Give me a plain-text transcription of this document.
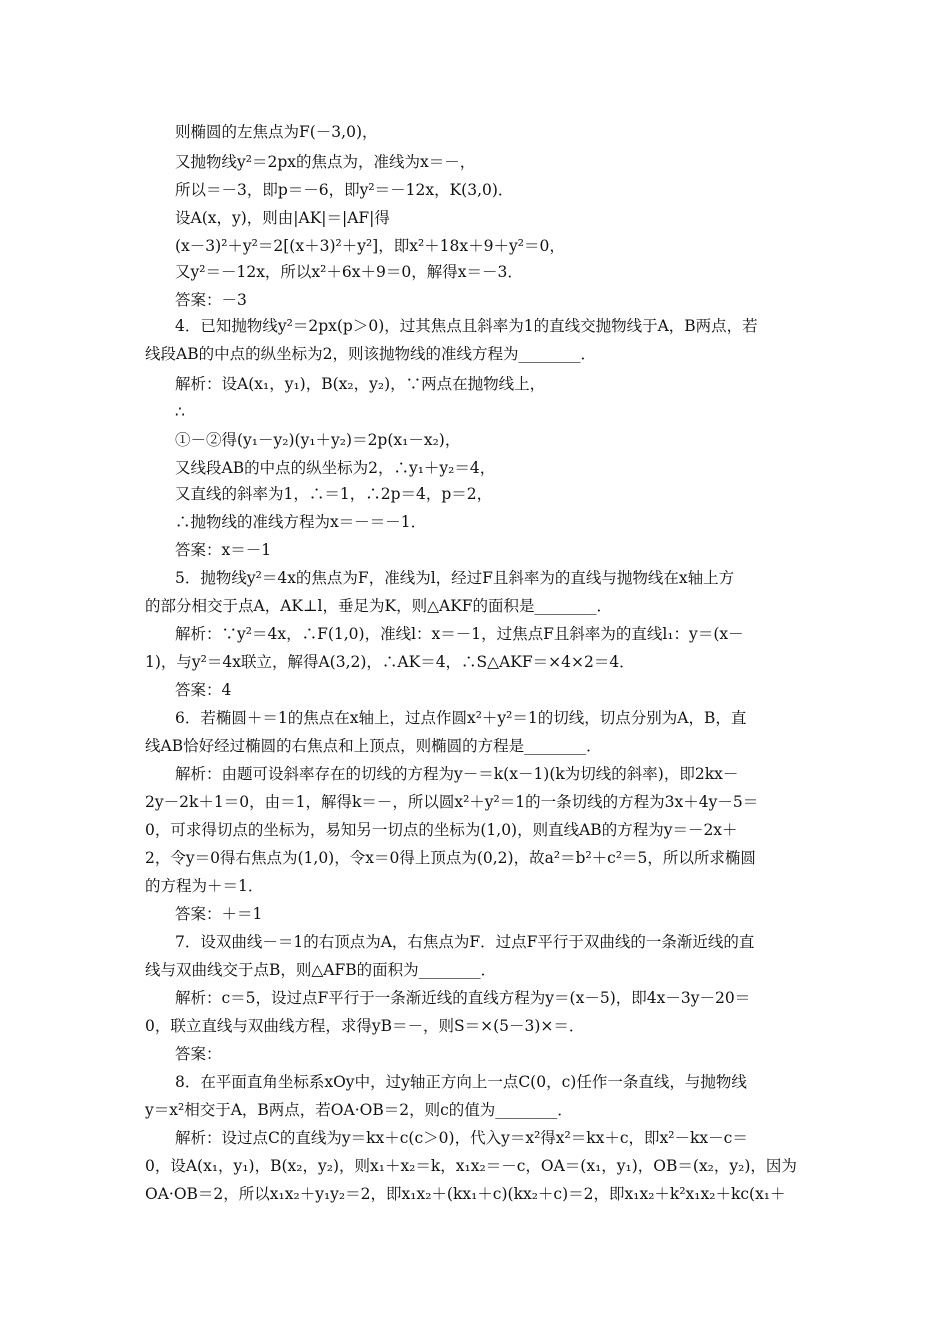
则椭圆的左焦点为F(－3,0)，
又抛物线y²＝2px的焦点为，准线为x＝－，
所以＝－3，即p＝－6，即y²＝－12x，K(3,0)．
设A(x，y)，则由|AK|＝|AF|得
(x－3)²＋y²＝2[(x＋3)²＋y²]，即x²＋18x＋9＋y²＝0，
又y²＝－12x，所以x²＋6x＋9＝0，解得x＝－3．
答案：－3
4．已知抛物线y²＝2px(p＞0)，过其焦点且斜率为1的直线交抛物线于A，B两点，若
线段AB的中点的纵坐标为2，则该抛物线的准线方程为________．
解析：设A(x₁，y₁)，B(x₂，y₂)，∵两点在抛物线上，
∴
①－②得(y₁－y₂)(y₁＋y₂)＝2p(x₁－x₂)，
又线段AB的中点的纵坐标为2，∴y₁＋y₂＝4，
又直线的斜率为1，∴＝1，∴2p＝4，p＝2，
∴抛物线的准线方程为x＝－＝－1．
答案：x＝－1
5．抛物线y²＝4x的焦点为F，准线为l，经过F且斜率为的直线与抛物线在x轴上方
的部分相交于点A，AK⊥l，垂足为K，则△AKF的面积是________．
解析：∵y²＝4x，∴F(1,0)，准线l：x＝－1，过焦点F且斜率为的直线l₁：y＝(x－
1)，与y²＝4x联立，解得A(3,2)，∴AK＝4，∴S△AKF＝×4×2＝4．
答案：4
6．若椭圆＋＝1的焦点在x轴上，过点作圆x²＋y²＝1的切线，切点分别为A，B，直
线AB恰好经过椭圆的右焦点和上顶点，则椭圆的方程是________．
解析：由题可设斜率存在的切线的方程为y－＝k(x－1)(k为切线的斜率)，即2kx－
2y－2k＋1＝0，由＝1，解得k＝－，所以圆x²＋y²＝1的一条切线的方程为3x＋4y－5＝
0，可求得切点的坐标为，易知另一切点的坐标为(1,0)，则直线AB的方程为y＝－2x＋
2，令y＝0得右焦点为(1,0)，令x＝0得上顶点为(0,2)，故a²＝b²＋c²＝5，所以所求椭圆
的方程为＋＝1．
答案：＋＝1
7．设双曲线－＝1的右顶点为A，右焦点为F．过点F平行于双曲线的一条渐近线的直
线与双曲线交于点B，则△AFB的面积为________．
解析：c＝5，设过点F平行于一条渐近线的直线方程为y＝(x－5)，即4x－3y－20＝
0，联立直线与双曲线方程，求得yB＝－，则S＝×(5－3)×＝．
答案：
8．在平面直角坐标系xOy中，过y轴正方向上一点C(0，c)任作一条直线，与抛物线
y＝x²相交于A，B两点，若OA·OB＝2，则c的值为________．
解析：设过点C的直线为y＝kx＋c(c＞0)，代入y＝x²得x²＝kx＋c，即x²－kx－c＝
0，设A(x₁，y₁)，B(x₂，y₂)，则x₁＋x₂＝k，x₁x₂＝－c，OA＝(x₁，y₁)，OB＝(x₂，y₂)，因为
OA·OB＝2，所以x₁x₂＋y₁y₂＝2，即x₁x₂＋(kx₁＋c)(kx₂＋c)＝2，即x₁x₂＋k²x₁x₂＋kc(x₁＋
